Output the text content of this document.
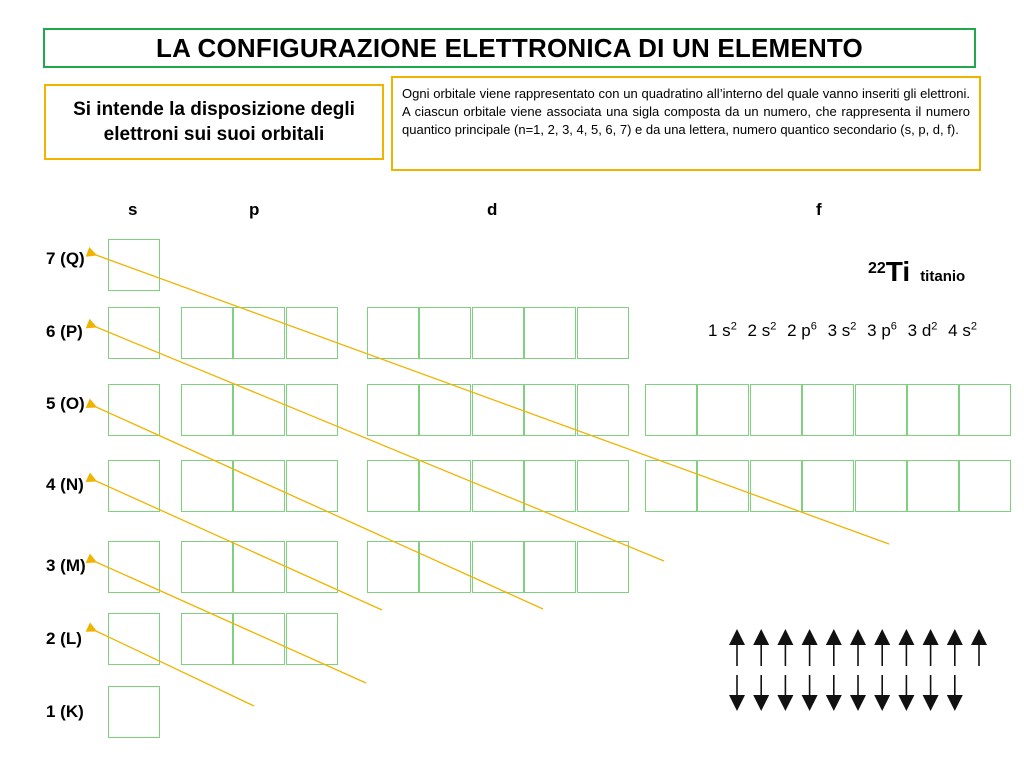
LA CONFIGURAZIONE ELETTRONICA DI UN ELEMENTO
Si intende la disposizione degli elettroni sui suoi orbitali
Ogni orbitale viene rappresentato con un quadratino all’interno del quale vanno inseriti gli elettroni. A ciascun orbitale viene associata una sigla composta da un numero, che rappresenta il numero quantico principale (n=1, 2, 3, 4, 5, 6, 7) e da una lettera, numero quantico secondario (s, p, d, f).
s	p	d	f
7 (Q)
6 (P)
5 (O)
4 (N)
3 (M)
2 (L)
1 (K)
22Ti titanio
1 $s^2$ 2 $s^2$ 2 $p^6$ 3 $s^2$ 3 $p^6$ 3 $d^2$ 4 $s^2$
